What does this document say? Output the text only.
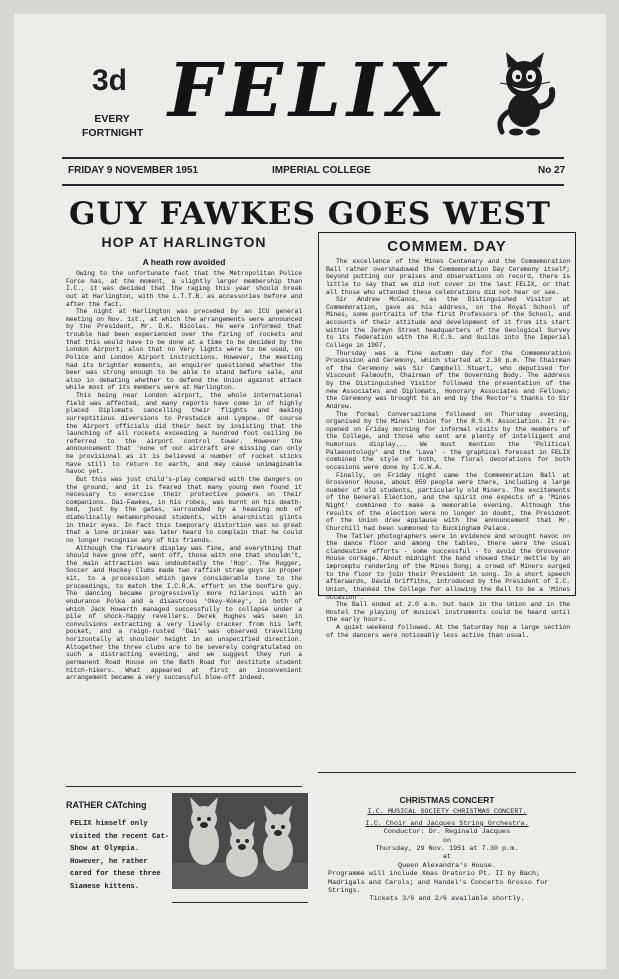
3d
EVERY
FORTNIGHT FELIX
FRIDAY 9 NOVEMBER 1951	IMPERIAL COLLEGE	No 27
GUY FAWKES GOES WEST
HOP AT HARLINGTON
A heath row avoided

Owing to the unfortunate fact that the Metropolitan Police Force has, at the moment, a slightly larger membership than I.C., it was decided that the raging this year should break out at Harlington, with the L.T.T.B. as accessories before and after the fact.

The night at Harlington was preceded by an ICU general meeting on Nov. 1st., at which the arrangements were announced by the President, Mr. D.K. Nicolas. He were informed that trouble had been experienced over the firing of rockets and that this would have to be done at a time to be decided by the London Airport; also that no Very lights were to be used, on Police and London Airport instructions. However, the meeting had its brighter moments, an enquirer questioned whether the beer was strong enough to be able to stand before sale, and also in debating whether to defend the Union against attack while most of its members were at Harlington.

This being near London airport, the whole international field was affected, and many reports have come in of highly placed Diplomats cancelling their flights and making surreptitious diversions to Prestwick and Lympne. Of course the Airport officials did their best by insisting that the launching of all rockets exceeding a hundred foot ceiling be referred to the airport control tower. However the announcement that 'none of our aircraft are missing can only be provisional as it is believed a number of rocket sticks have still to return to earth, and may cause unimaginable havoc yet.

But this was just child's-play compared with the dangers on the ground, and it is feared that many young men found it necessary to exercise their protective powers on their companions. Dai-Fawkes, in his robes, was burnt on his death-bed, just by the gates, surrounded by a heaving mob of diabolically metamorphosed students, with anarchistic glints in their eyes. In fact this temporary distortion was so great that a lone drinker was later heard to complain that he could no longer recognise any of his friends.

Although the firework display was fine, and everything that should have gone off, went off, those with one that shouldn't, the main attraction was undoubtedly the 'Hop'. The Rugger, Soccer and Hockey Clubs made two raffish straw guys in proper kit, to a procession which gave considerable tone to the proceedings, to match the I.C.R.A. effort on the bonfire guy. The dancing became progressively more hilarious with an endurance Polka and a disastrous 'Okey-Kokey', in both of which Jack Howarth managed successfully to collapse under a pile of shock-happy revellers. Derek Hughes was seen in convulsions extracting a very lively cracker from his left pocket, and a reign-rusted 'Dai' was observed travelling horizontally at shoulder height in an unspecified direction. Altogether the three clubs are to be severely congratulated on such a distracting evening, and we suggest they run a permanent Road House on the Bath Road for destitute student hitch-hikers. What appeared at first an inconvenient arrangement became a very successful blow-off indeed.

COMMEM. DAY

The excellence of the Mines Centenary and the Commemoration Ball rather overshadowed the Commemoration Day Ceremony itself; beyond putting our praises and observations on record, there is little to say that we did not cover in the last FELIX, or that all those who attended these celebrations did not hear or see.

Sir Andrew McCance, as the Distinguished Visitor at Commemoration, gave as his address, on the Royal School of Mines, some portraits of the first Professors of the School, and accounts of their attitude and development of it from its start within the Jermyn Street headquarters of the Geological Survey to its federation with the R.C.S. and Guilds into the Imperial College in 1907.

Thursday was a fine autumn day for the Commemoration Procession and Ceremony, which started at 2.30 p.m. The Chairman of the Ceremony was Sir Campbell Stuart, who deputised for Viscount Falmouth, Chairman of the Governing Body. The address by the Distinguished Visitor followed the presentation of the new Associates and Diplomats, Honorary Associates and Fellows; the Ceremony was brought to an end by the Rector's thanks to Sir Andrew.

The formal Conversazione followed on Thursday evening, organised by the Mines' Union for the R.S.M. Association. It re-opened on Friday morning for informal visits by the members of the College, and those who sent are plenty of intelligent and humorous display... We must mention the 'Political Palaeontology' and the 'Lava' - the graphical forecast in FELIX combined the style of both, the floral decorations for both occasions were done by I.C.W.A.

Finally, on Friday night came the Commemoration Ball at Grosvenor House, about 850 people were there, including a large number of old students, particularly old Miners. The excitements of the General Election, and the spirit one expects of a 'Mines Night' combined to make a memorable evening. Although the results of the election were no longer in doubt, the President of the Union drew applause with the announcement that Mr. Churchill had been summoned to Buckingham Palace.

The Tatler photographers were in evidence and wrought havoc on the dance floor and among the tables, there were the usual clandestine efforts - some successful - to avoid the Grosvenor House corkage. About midnight the band showed their mettle by an impromptu rendering of the Mines Song; a crowd of Miners surged to the floor to join their President in song. In a short speech afterwards, David Griffiths, introduced by the President of I.C. Union, thanked the College for allowing the Ball to be a 'Mines occasion'.

The Ball ended at 2.0 a.m. but back in the Union and in the Hostel the playing of musical instruments could be heard until the early hours.

A quiet weekend followed. At the Saturday hop a large section of the dancers were noticeably less active than usual.

CHRISTMAS CONCERT
I.C. MUSICAL SOCIETY CHRISTMAS CONCERT.
I.C. Choir and Jacques String Orchestra.
Conductor: Dr. Reginald Jacques
on
Thursday, 29 Nov. 1951 at 7.30 p.m.
at
Queen Alexandra's House.
Programme will include Xmas Oratorio Pt. II by Bach; Madrigals and Carols; and Handel's Concerto Grosso for Strings.
Tickets 3/6 and 2/6 available shortly.
RATHER CATching
FELIX himself only visited the recent Cat-Show at Olympia. However, he rather cared for these three Siamese kittens.
